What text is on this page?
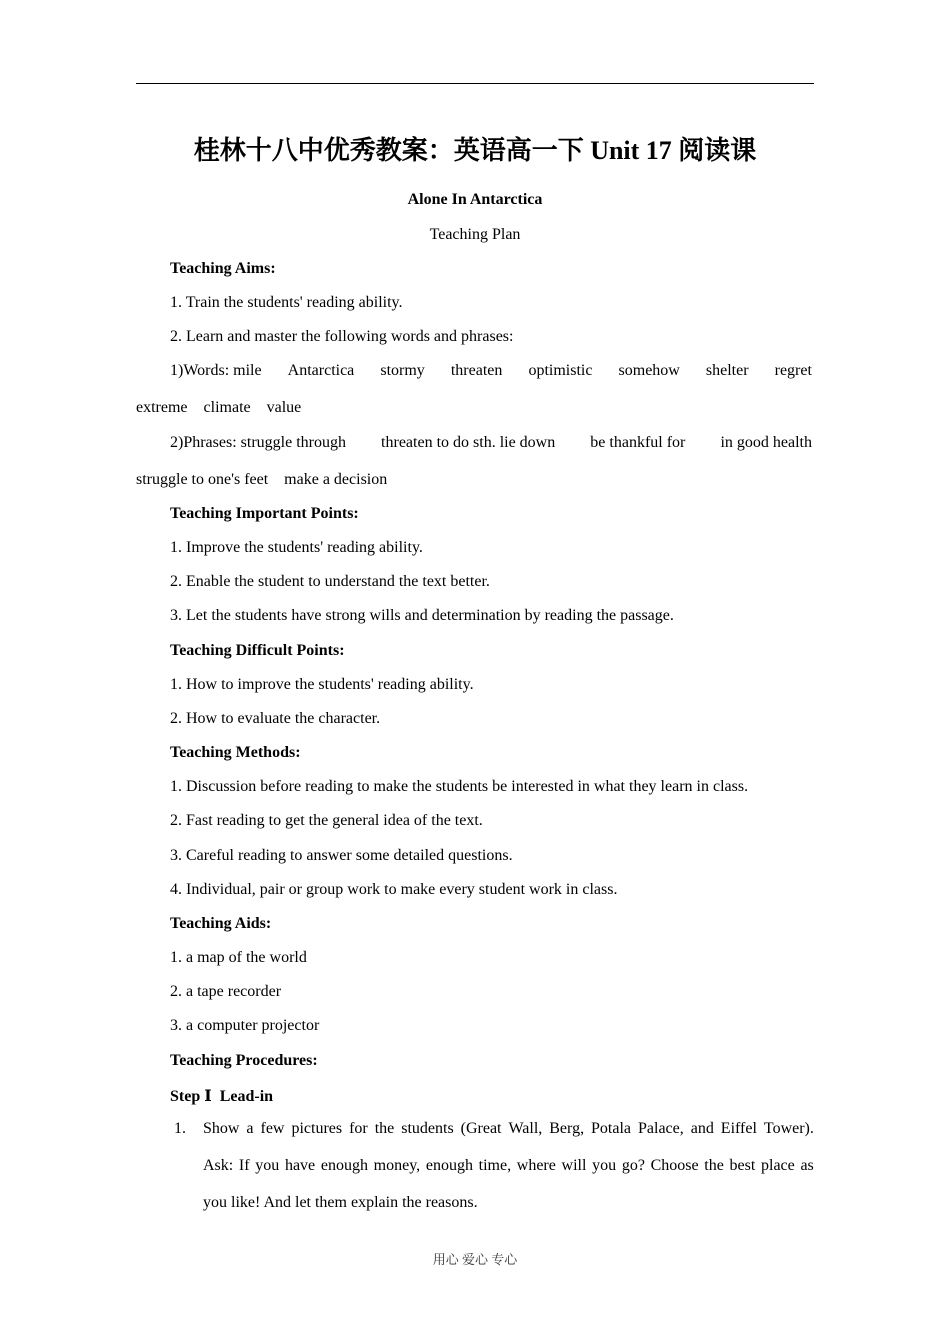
桂林十八中优秀教案：英语高一下 Unit 17 阅读课
Alone In Antarctica
Teaching Plan
Teaching Aims:
1. Train the students' reading ability.
2. Learn and master the following words and phrases:
1)Words: mile Antarctica stormy threaten optimistic somehow shelter regret
extreme    climate    value
2)Phrases: struggle through threaten to do sth. lie down be thankful for in good health
struggle to one's feet    make a decision
Teaching Important Points:
1. Improve the students' reading ability.
2. Enable the student to understand the text better.
3. Let the students have strong wills and determination by reading the passage.
Teaching Difficult Points:
1. How to improve the students' reading ability.
2. How to evaluate the character.
Teaching Methods:
1. Discussion before reading to make the students be interested in what they learn in class.
2. Fast reading to get the general idea of the text.
3. Careful reading to answer some detailed questions.
4. Individual, pair or group work to make every student work in class.
Teaching Aids:
1. a map of the world
2. a tape recorder
3. a computer projector
Teaching Procedures:
Step Ⅰ  Lead-in
1. Show a few pictures for the students (Great Wall, Berg, Potala Palace, and Eiffel Tower).
Ask: If you have enough money, enough time, where will you go? Choose the best place as
you like! And let them explain the reasons.
用心 爱心 专心
